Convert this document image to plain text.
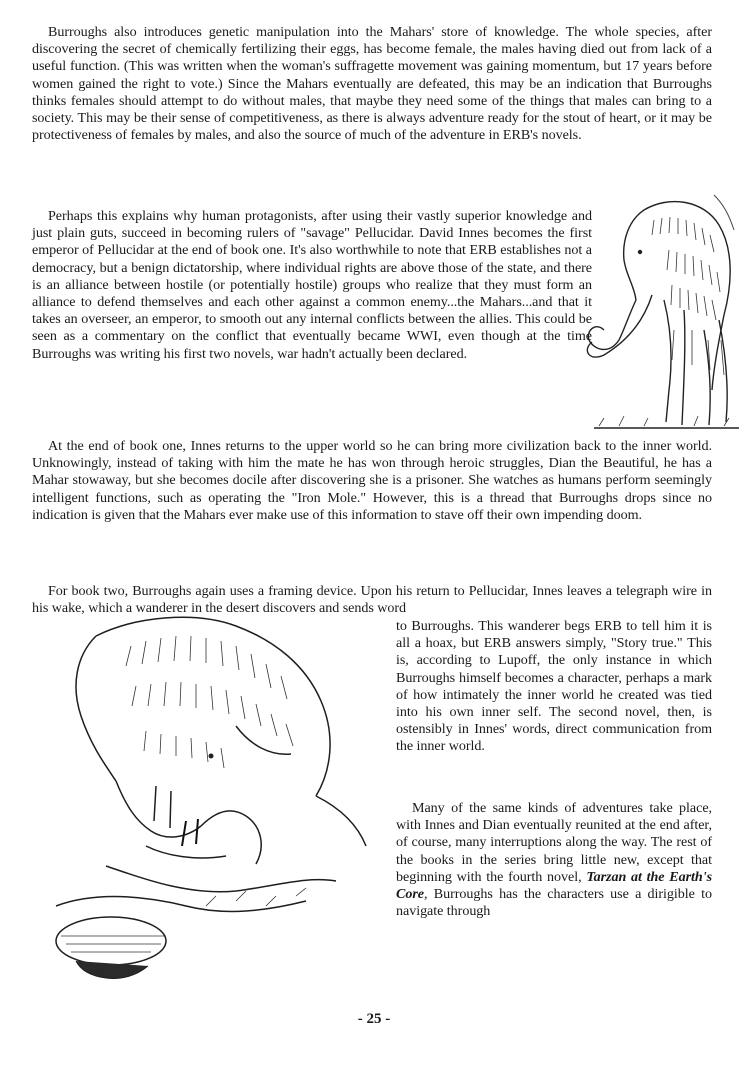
Burroughs also introduces genetic manipulation into the Mahars' store of knowledge. The whole species, after discovering the secret of chemically fertilizing their eggs, has become female, the males having died out from lack of a useful function. (This was written when the woman's suffragette movement was gaining momentum, but 17 years before women gained the right to vote.) Since the Mahars eventually are defeated, this may be an indication that Burroughs thinks females should attempt to do without males, that maybe they need some of the things that males can bring to a society. This may be their sense of competitiveness, as there is always adventure ready for the stout of heart, or it may be protectiveness of females by males, and also the source of much of the adventure in ERB's novels.

Perhaps this explains why human protagonists, after using their vastly superior knowledge and just plain guts, succeed in becoming rulers of "savage" Pellucidar. David Innes becomes the first emperor of Pellucidar at the end of book one. It's also worthwhile to note that ERB establishes not a democracy, but a benign dictatorship, where individual rights are above those of the state, and there is an alliance between hostile (or potentially hostile) groups who realize that they must form an alliance to defend themselves and each other against a common enemy...the Mahars...and that it takes an overseer, an emperor, to smooth out any internal conflicts between the allies. This could be seen as a commentary on the conflict that eventually became WWI, even though at the time Burroughs was writing his first two novels, war hadn't actually been declared.

At the end of book one, Innes returns to the upper world so he can bring more civilization back to the inner world. Unknowingly, instead of taking with him the mate he has won through heroic struggles, Dian the Beautiful, he has a Mahar stowaway, but she becomes docile after discovering she is a prisoner. She watches as humans perform seemingly intelligent functions, such as operating the "Iron Mole." However, this is a thread that Burroughs drops since no indication is given that the Mahars ever make use of this information to stave off their own impending doom.

For book two, Burroughs again uses a framing device. Upon his return to Pellucidar, Innes leaves a telegraph wire in his wake, which a wanderer in the desert discovers and sends word

to Burroughs. This wanderer begs ERB to tell him it is all a hoax, but ERB answers simply, "Story true." This is, according to Lupoff, the only instance in which Burroughs himself becomes a character, perhaps a mark of how intimately the inner world he created was tied into his own inner self. The second novel, then, is ostensibly in Innes' words, direct communication from the inner world.

Many of the same kinds of adventures take place, with Innes and Dian eventually reunited at the end after, of course, many interruptions along the way. The rest of the books in the series bring little new, except that beginning with the fourth novel, Tarzan at the Earth's Core, Burroughs has the characters use a dirigible to navigate through

- 25 -
